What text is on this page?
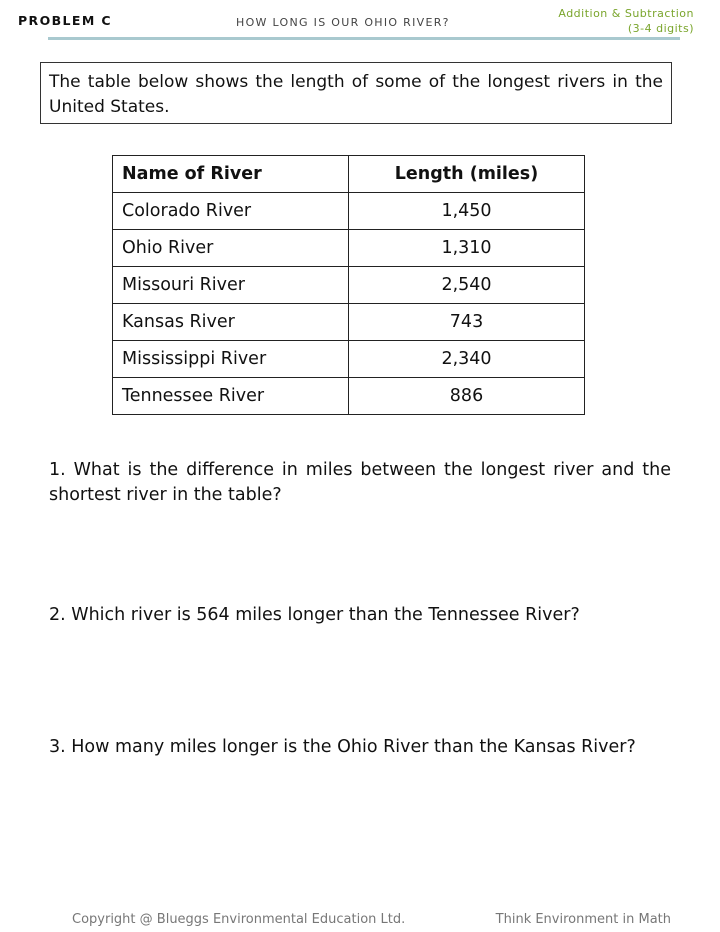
PROBLEM C	HOW LONG IS OUR OHIO RIVER?
Addition & Subtraction
(3-4 digits)
The table below shows the length of some of the longest rivers in the United States.
Name of River	Length (miles)
Colorado River	1,450
Ohio River	1,310
Missouri River	2,540
Kansas River	743
Mississippi River	2,340
Tennessee River	886
1. What is the difference in miles between the longest river and the shortest river in the table?
2. Which river is 564 miles longer than the Tennessee River?
3. How many miles longer is the Ohio River than the Kansas River?
Copyright @ Blueggs Environmental Education Ltd.	Think Environment in Math
